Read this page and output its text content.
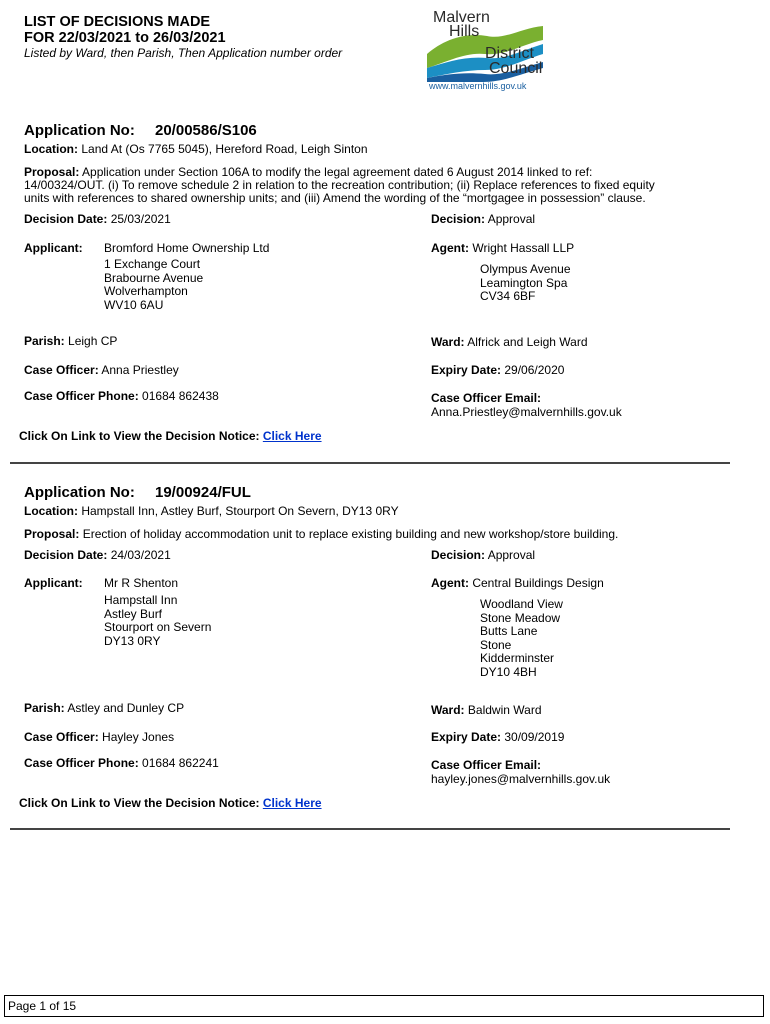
LIST OF DECISIONS MADE
FOR 22/03/2021 to 26/03/2021
Listed by Ward, then Parish, Then Application number order
Malvern
Hills
District
Council
www.malvernhills.gov.uk
Application No: 20/00586/S106
Location: Land At (Os 7765 5045), Hereford Road, Leigh Sinton
Proposal: Application under Section 106A to modify the legal agreement dated 6 August 2014 linked to ref:
14/00324/OUT. (i) To remove schedule 2 in relation to the recreation contribution; (ii) Replace references to fixed equity
units with references to shared ownership units; and (iii) Amend the wording of the “mortgagee in possession” clause.
Decision Date: 25/03/2021	Decision: Approval
Applicant: Bromford Home Ownership Ltd
1 Exchange Court
Brabourne Avenue
Wolverhampton
WV10 6AU
Agent: Wright Hassall LLP
Olympus Avenue
Leamington Spa
CV34 6BF
Parish: Leigh CP	Ward: Alfrick and Leigh Ward
Case Officer: Anna Priestley	Expiry Date: 29/06/2020
Case Officer Phone: 01684 862438	Case Officer Email:
Anna.Priestley@malvernhills.gov.uk
Click On Link to View the Decision Notice: Click Here
Application No: 19/00924/FUL
Location: Hampstall Inn, Astley Burf, Stourport On Severn, DY13 0RY
Proposal: Erection of holiday accommodation unit to replace existing building and new workshop/store building.
Decision Date: 24/03/2021	Decision: Approval
Applicant: Mr R Shenton
Hampstall Inn
Astley Burf
Stourport on Severn
DY13 0RY
Agent: Central Buildings Design
Woodland View
Stone Meadow
Butts Lane
Stone
Kidderminster
DY10 4BH
Parish: Astley and Dunley CP	Ward: Baldwin Ward
Case Officer: Hayley Jones	Expiry Date: 30/09/2019
Case Officer Phone: 01684 862241	Case Officer Email:
hayley.jones@malvernhills.gov.uk
Click On Link to View the Decision Notice: Click Here
Page 1 of 15
